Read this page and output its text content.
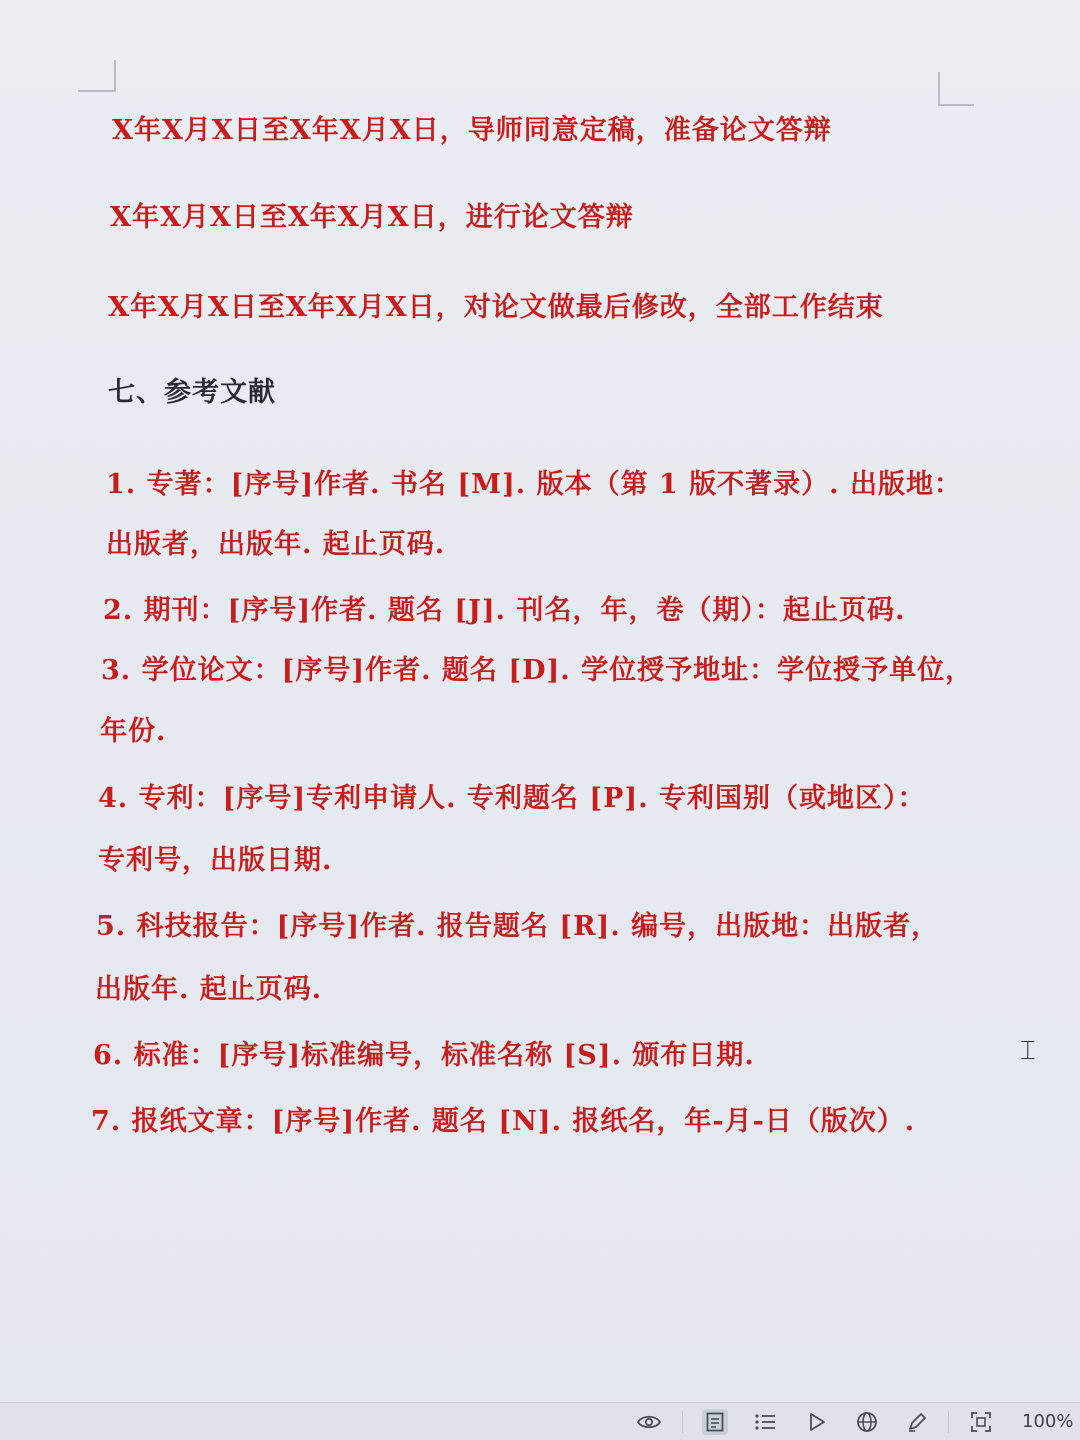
X年X月X日至X年X月X日，导师同意定稿，准备论文答辩

X年X月X日至X年X月X日，进行论文答辩

X年X月X日至X年X月X日，对论文做最后修改，全部工作结束

七、参考文献

1. 专著：[序号]作者. 书名 [M]. 版本（第 1 版不著录）. 出版地：

出版者，出版年. 起止页码.

2. 期刊：[序号]作者. 题名 [J]. 刊名，年，卷（期）：起止页码.

3. 学位论文：[序号]作者. 题名 [D]. 学位授予地址：学位授予单位，

年份.

4. 专利：[序号]专利申请人. 专利题名 [P]. 专利国别（或地区）：

专利号，出版日期.

5. 科技报告：[序号]作者. 报告题名 [R]. 编号，出版地：出版者，

出版年. 起止页码.

6. 标准：[序号]标准编号，标准名称 [S]. 颁布日期.

7. 报纸文章：[序号]作者. 题名 [N]. 报纸名，年-月-日（版次）.

⌶
100%
